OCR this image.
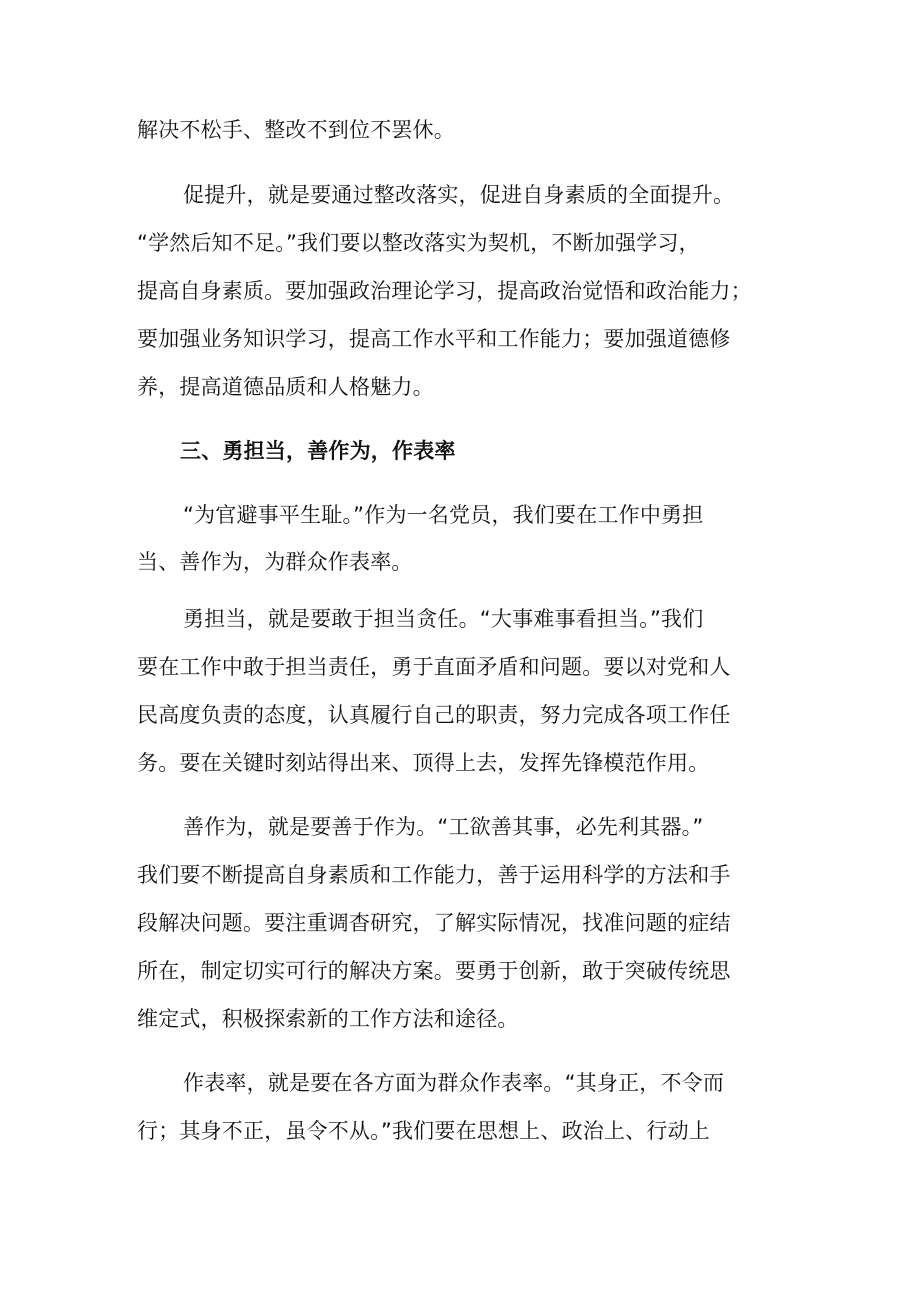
解决不松手、整改不到位不罢休。
促提升，就是要通过整改落实，促进自身素质的全面提升。
“学然后知不足。”我们要以整改落实为契机，不断加强学习，
提高自身素质。要加强政治理论学习，提高政治觉悟和政治能力；
要加强业务知识学习，提高工作水平和工作能力；要加强道德修
养，提高道德品质和人格魅力。
三、勇担当，善作为，作表率
“为官避事平生耻。”作为一名党员，我们要在工作中勇担
当、善作为，为群众作表率。
勇担当，就是要敢于担当贪任。“大事难事看担当。”我们
要在工作中敢于担当责任，勇于直面矛盾和问题。要以对党和人
民高度负责的态度，认真履行自己的职责，努力完成各项工作任
务。要在关键时刻站得出来、顶得上去，发挥先锋模范作用。
善作为，就是要善于作为。“工欲善其事，必先利其器。”
我们要不断提高自身素质和工作能力，善于运用科学的方法和手
段解决问题。要注重调杳研究，了解实际情况，找准问题的症结
所在，制定切实可行的解决方案。要勇于创新，敢于突破传统思
维定式，积极探索新的工作方法和途径。
作表率，就是要在各方面为群众作表率。“其身正，不令而
行；其身不正，虽令不从。”我们要在思想上、政治上、行动上
